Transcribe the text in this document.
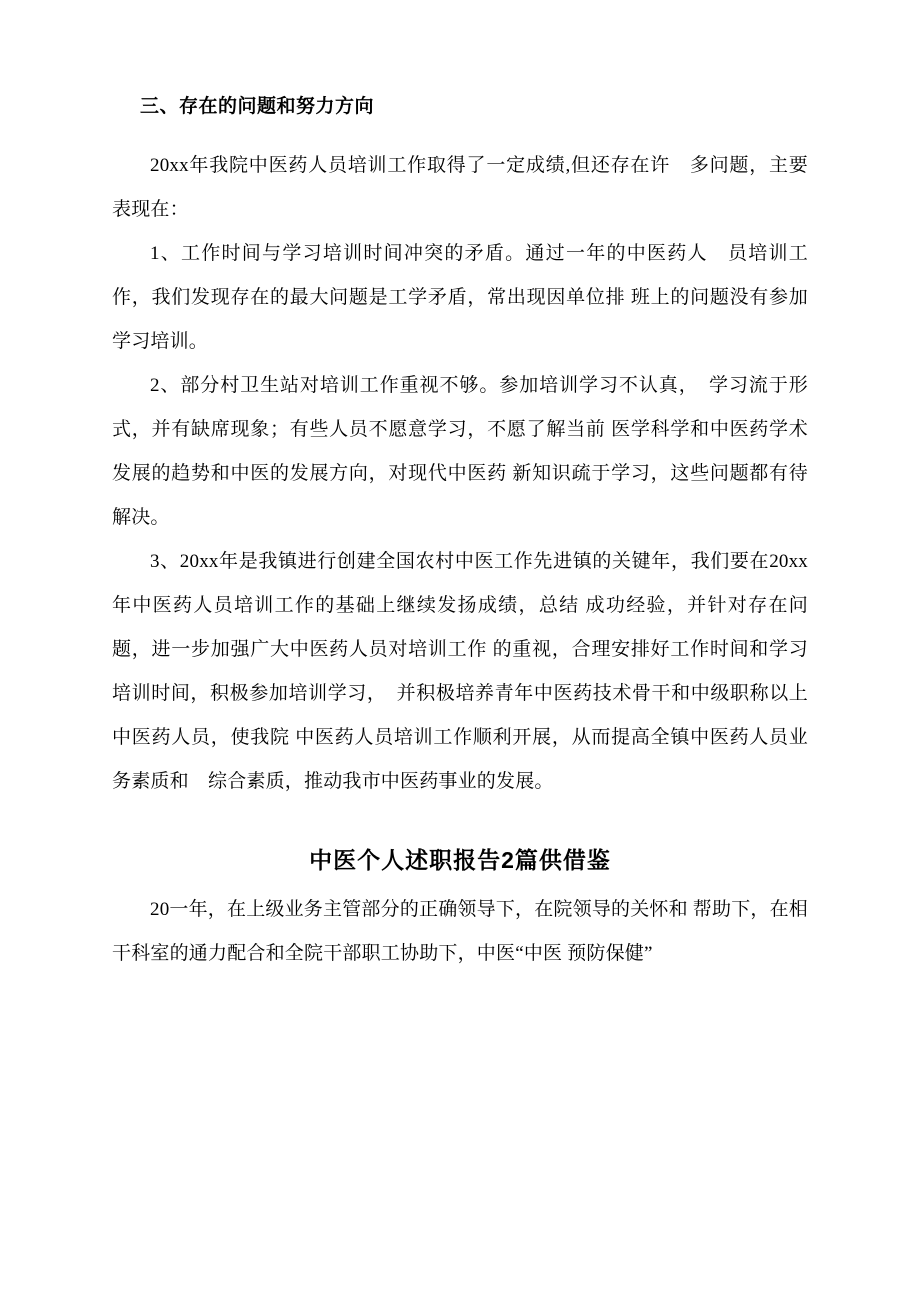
三、存在的问题和努力方向

20xx年我院中医药人员培训工作取得了一定成绩,但还存在许　多问题，主要表现在：

1、工作时间与学习培训时间冲突的矛盾。通过一年的中医药人　员培训工作，我们发现存在的最大问题是工学矛盾，常出现因单位排 班上的问题没有参加学习培训。

2、部分村卫生站对培训工作重视不够。参加培训学习不认真，　学习流于形式，并有缺席现象；有些人员不愿意学习，不愿了解当前 医学科学和中医药学术发展的趋势和中医的发展方向，对现代中医药 新知识疏于学习，这些问题都有待解决。

3、20xx年是我镇进行创建全国农村中医工作先进镇的关键年，我们要在20xx年中医药人员培训工作的基础上继续发扬成绩，总结 成功经验，并针对存在问题，进一步加强广大中医药人员对培训工作 的重视，合理安排好工作时间和学习培训时间，积极参加培训学习，　并积极培养青年中医药技术骨干和中级职称以上中医药人员，使我院 中医药人员培训工作顺利开展，从而提高全镇中医药人员业务素质和　综合素质，推动我市中医药事业的发展。

中医个人述职报告2篇供借鉴

20一年，在上级业务主管部分的正确领导下，在院领导的关怀和 帮助下，在相干科室的通力配合和全院干部职工协助下，中医“中医 预防保健”
